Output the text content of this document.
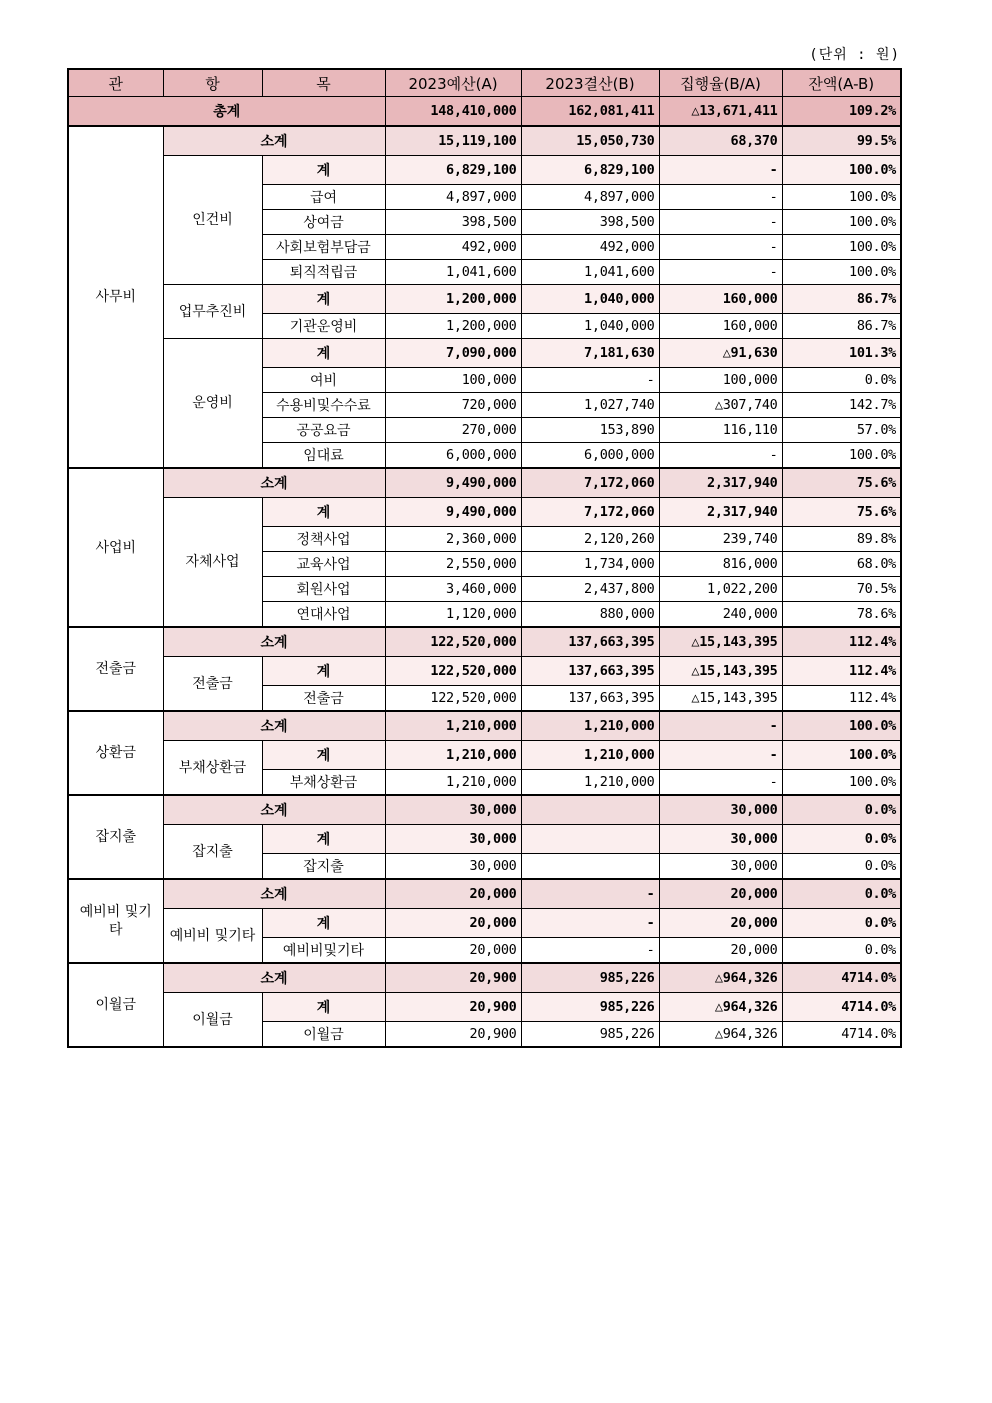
(단위 : 원)
관	항	목	2023예산(A)	2023결산(B)	집행율(B/A)	잔액(A-B)
총계			148,410,000	162,081,411	△13,671,411	109.2%
사무비	소계		15,119,100	15,050,730	68,370	99.5%
	인건비	계	6,829,100	6,829,100	-	100.0%
		급여	4,897,000	4,897,000	-	100.0%
		상여금	398,500	398,500	-	100.0%
		사회보험부담금	492,000	492,000	-	100.0%
		퇴직적립금	1,041,600	1,041,600	-	100.0%
	업무추진비	계	1,200,000	1,040,000	160,000	86.7%
		기관운영비	1,200,000	1,040,000	160,000	86.7%
	운영비	계	7,090,000	7,181,630	△91,630	101.3%
		여비	100,000	-	100,000	0.0%
		수용비및수수료	720,000	1,027,740	△307,740	142.7%
		공공요금	270,000	153,890	116,110	57.0%
		임대료	6,000,000	6,000,000	-	100.0%
사업비	소계		9,490,000	7,172,060	2,317,940	75.6%
	자체사업	계	9,490,000	7,172,060	2,317,940	75.6%
		정책사업	2,360,000	2,120,260	239,740	89.8%
		교육사업	2,550,000	1,734,000	816,000	68.0%
		회원사업	3,460,000	2,437,800	1,022,200	70.5%
		연대사업	1,120,000	880,000	240,000	78.6%
전출금	소계		122,520,000	137,663,395	△15,143,395	112.4%
	전출금	계	122,520,000	137,663,395	△15,143,395	112.4%
		전출금	122,520,000	137,663,395	△15,143,395	112.4%
상환금	소계		1,210,000	1,210,000	-	100.0%
	부채상환금	계	1,210,000	1,210,000	-	100.0%
		부채상환금	1,210,000	1,210,000	-	100.0%
잡지출	소계		30,000		30,000	0.0%
	잡지출	계	30,000		30,000	0.0%
		잡지출	30,000		30,000	0.0%
예비비 및기타	소계		20,000	-	20,000	0.0%
	예비비 및기타	계	20,000	-	20,000	0.0%
		예비비및기타	20,000	-	20,000	0.0%
이월금	소계		20,900	985,226	△964,326	4714.0%
	이월금	계	20,900	985,226	△964,326	4714.0%
		이월금	20,900	985,226	△964,326	4714.0%
